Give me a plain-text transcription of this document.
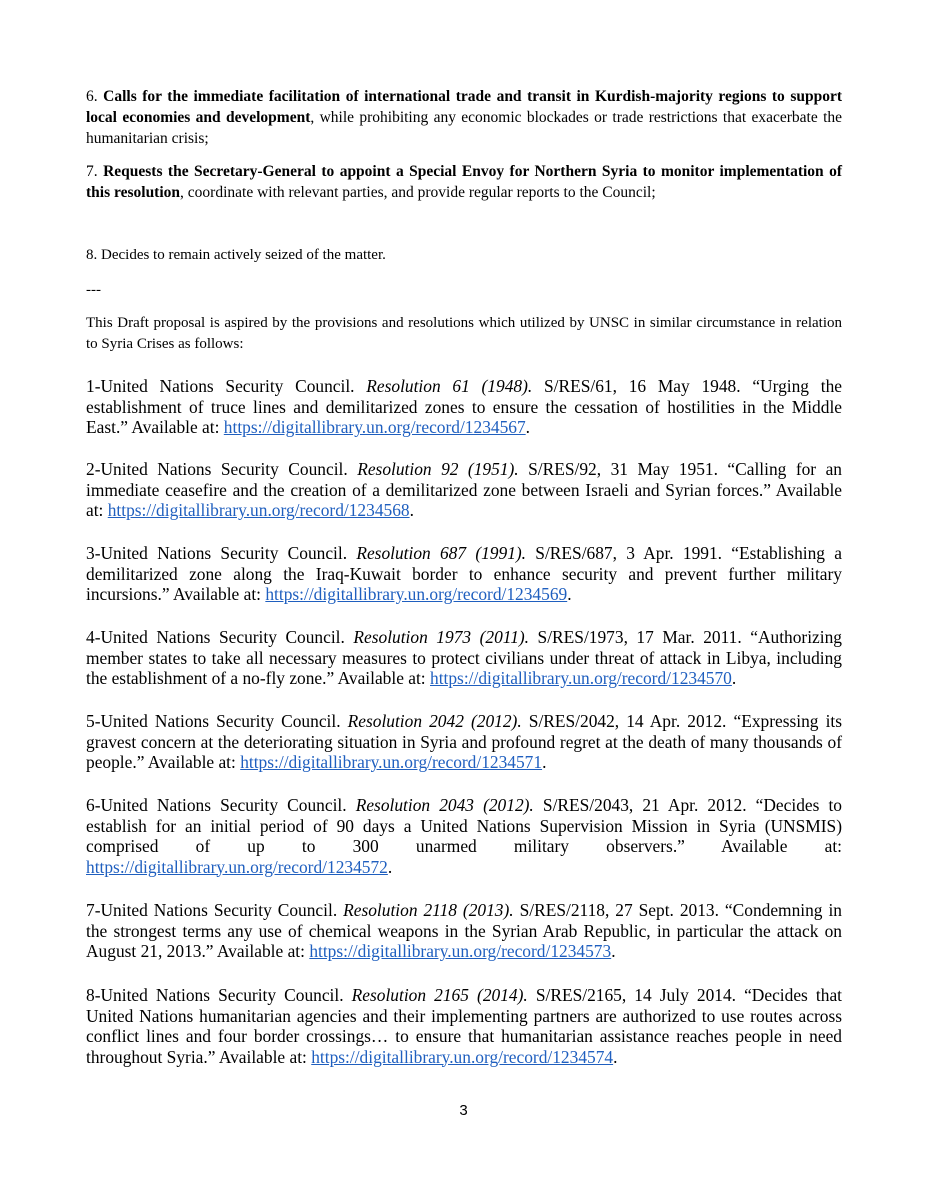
6. Calls for the immediate facilitation of international trade and transit in Kurdish-majority regions to support local economies and development, while prohibiting any economic blockades or trade restrictions that exacerbate the humanitarian crisis;
7. Requests the Secretary-General to appoint a Special Envoy for Northern Syria to monitor implementation of this resolution, coordinate with relevant parties, and provide regular reports to the Council;
8. Decides to remain actively seized of the matter.
---
This Draft proposal is aspired by the provisions and resolutions which utilized by UNSC in similar circumstance in relation to Syria Crises as follows:
1-United Nations Security Council. Resolution 61 (1948). S/RES/61, 16 May 1948. “Urging the establishment of truce lines and demilitarized zones to ensure the cessation of hostilities in the Middle East.” Available at: https://digitallibrary.un.org/record/1234567.
2-United Nations Security Council. Resolution 92 (1951). S/RES/92, 31 May 1951. “Calling for an immediate ceasefire and the creation of a demilitarized zone between Israeli and Syrian forces.” Available at: https://digitallibrary.un.org/record/1234568.
3-United Nations Security Council. Resolution 687 (1991). S/RES/687, 3 Apr. 1991. “Establishing a demilitarized zone along the Iraq-Kuwait border to enhance security and prevent further military incursions.” Available at: https://digitallibrary.un.org/record/1234569.
4-United Nations Security Council. Resolution 1973 (2011). S/RES/1973, 17 Mar. 2011. “Authorizing member states to take all necessary measures to protect civilians under threat of attack in Libya, including the establishment of a no-fly zone.” Available at: https://digitallibrary.un.org/record/1234570.
5-United Nations Security Council. Resolution 2042 (2012). S/RES/2042, 14 Apr. 2012. “Expressing its gravest concern at the deteriorating situation in Syria and profound regret at the death of many thousands of people.” Available at: https://digitallibrary.un.org/record/1234571.
6-United Nations Security Council. Resolution 2043 (2012). S/RES/2043, 21 Apr. 2012. “Decides to establish for an initial period of 90 days a United Nations Supervision Mission in Syria (UNSMIS) comprised of up to 300 unarmed military observers.” Available at: https://digitallibrary.un.org/record/1234572.
7-United Nations Security Council. Resolution 2118 (2013). S/RES/2118, 27 Sept. 2013. “Condemning in the strongest terms any use of chemical weapons in the Syrian Arab Republic, in particular the attack on August 21, 2013.” Available at: https://digitallibrary.un.org/record/1234573.
8-United Nations Security Council. Resolution 2165 (2014). S/RES/2165, 14 July 2014. “Decides that United Nations humanitarian agencies and their implementing partners are authorized to use routes across conflict lines and four border crossings… to ensure that humanitarian assistance reaches people in need throughout Syria.” Available at: https://digitallibrary.un.org/record/1234574.
3
